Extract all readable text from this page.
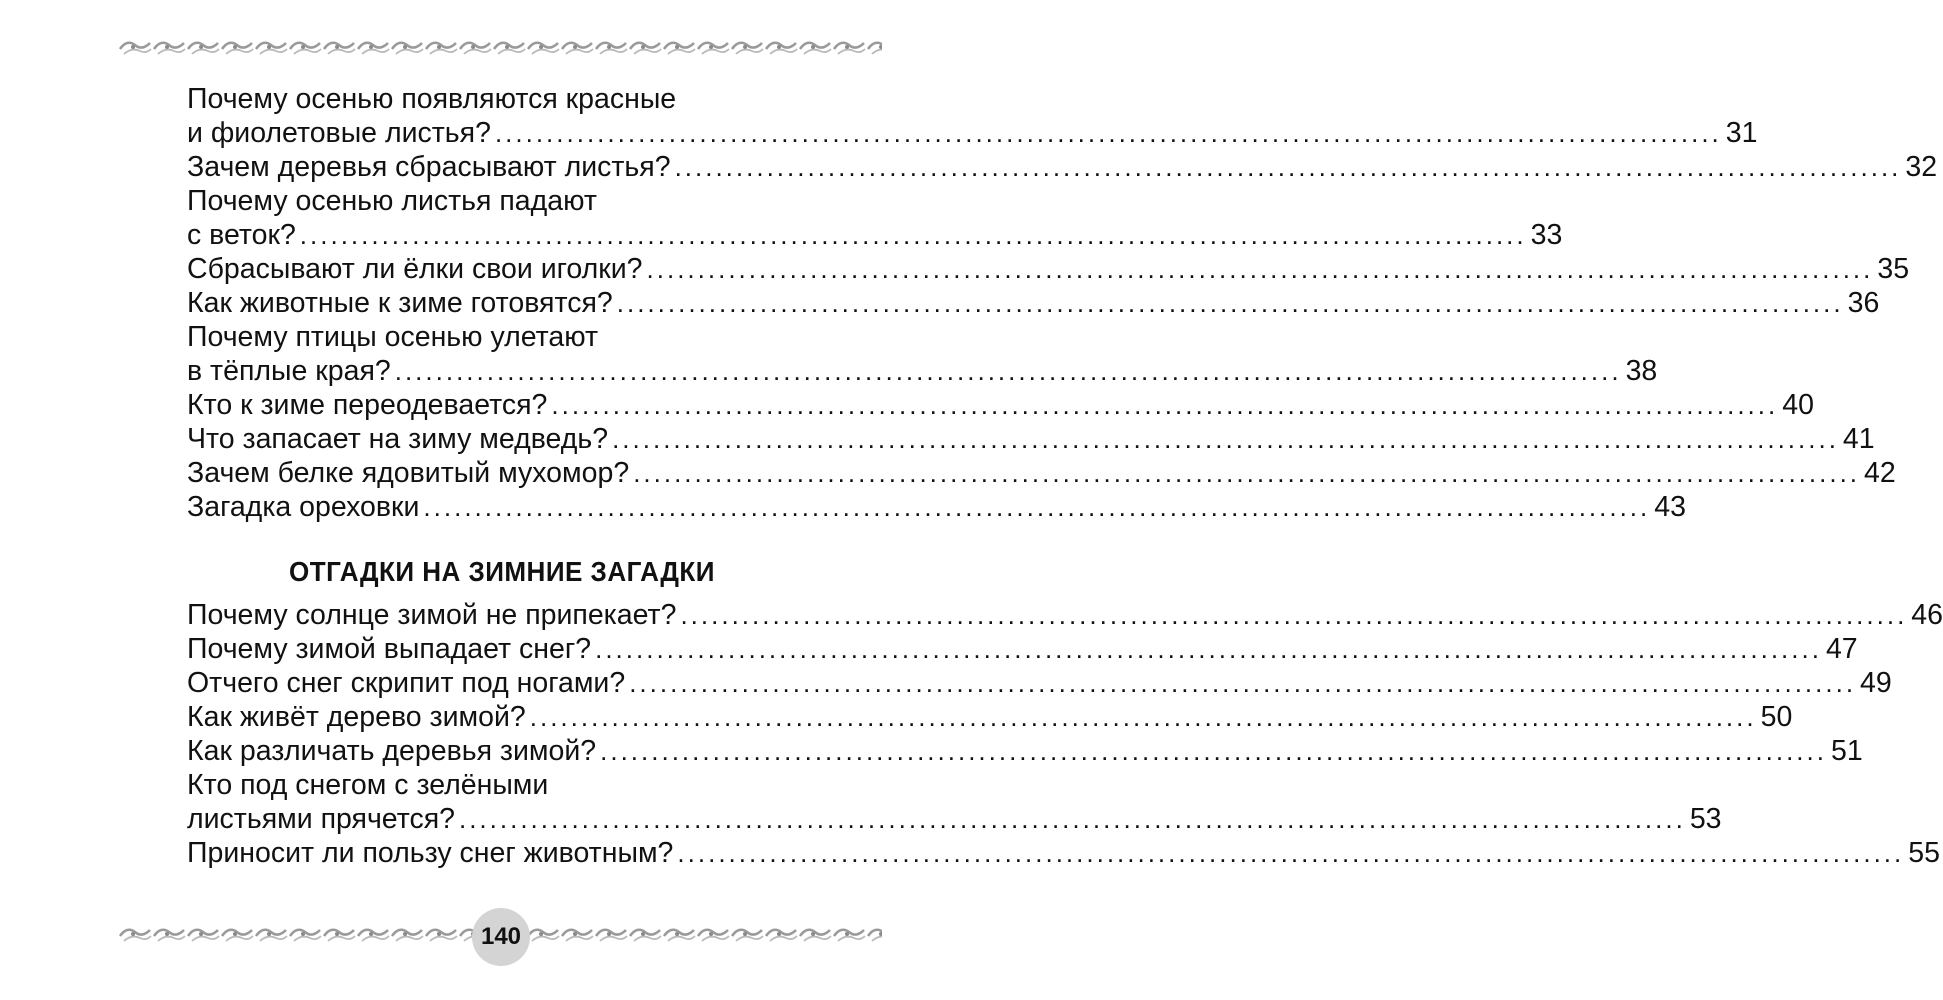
Почему осенью появляются красные
и фиолетовые листья? ........................................................................................................................ 31
Зачем деревья сбрасывают листья? ........................................................................................................................ 32
Почему осенью листья падают
с веток? ........................................................................................................................ 33
Сбрасывают ли ёлки свои иголки? ........................................................................................................................ 35
Как животные к зиме готовятся? ........................................................................................................................ 36
Почему птицы осенью улетают
в тёплые края? ........................................................................................................................ 38
Кто к зиме переодевается? ........................................................................................................................ 40
Что запасает на зиму медведь? ........................................................................................................................ 41
Зачем белке ядовитый мухомор? ........................................................................................................................ 42
Загадка ореховки ........................................................................................................................ 43
ОТГАДКИ НА ЗИМНИЕ ЗАГАДКИ
Почему солнце зимой не припекает? ........................................................................................................................ 46
Почему зимой выпадает снег? ........................................................................................................................ 47
Отчего снег скрипит под ногами? ........................................................................................................................ 49
Как живёт дерево зимой? ........................................................................................................................ 50
Как различать деревья зимой? ........................................................................................................................ 51
Кто под снегом с зелёными
листьями прячется? ........................................................................................................................ 53
Приносит ли пользу снег животным? ........................................................................................................................ 55
140
